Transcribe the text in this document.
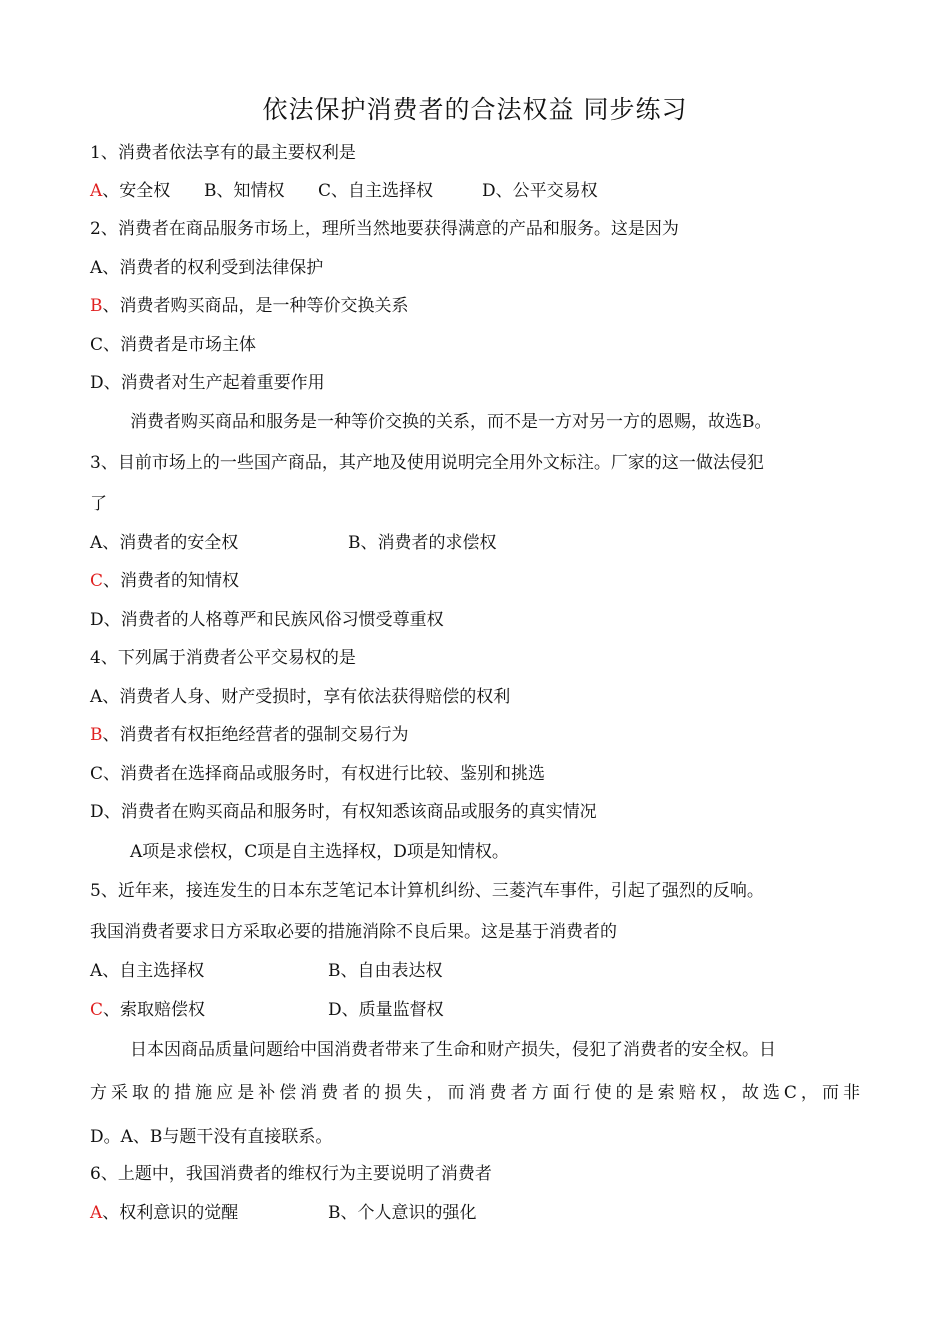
依法保护消费者的合法权益 同步练习
1、消费者依法享有的最主要权利是
A、安全权 B、知情权 C、自主选择权	D、公平交易权
2、消费者在商品服务市场上，理所当然地要获得满意的产品和服务。这是因为
A、消费者的权利受到法律保护
B、消费者购买商品，是一种等价交换关系
C、消费者是市场主体
D、消费者对生产起着重要作用
消费者购买商品和服务是一种等价交换的关系，而不是一方对另一方的恩赐，故选B。
3、目前市场上的一些国产商品，其产地及使用说明完全用外文标注。厂家的这一做法侵犯
了
A、消费者的安全权	B、消费者的求偿权
C、消费者的知情权
D、消费者的人格尊严和民族风俗习惯受尊重权
4、下列属于消费者公平交易权的是
A、消费者人身、财产受损时，享有依法获得赔偿的权利
B、消费者有权拒绝经营者的强制交易行为
C、消费者在选择商品或服务时，有权进行比较、鉴别和挑选
D、消费者在购买商品和服务时，有权知悉该商品或服务的真实情况
A项是求偿权，C项是自主选择权，D项是知情权。
5、近年来，接连发生的日本东芝笔记本计算机纠纷、三菱汽车事件，引起了强烈的反响。
我国消费者要求日方采取必要的措施消除不良后果。这是基于消费者的
A、自主选择权	B、自由表达权
C、索取赔偿权	D、质量监督权
日本因商品质量问题给中国消费者带来了生命和财产损失，侵犯了消费者的安全权。日
方采取的措施应是补偿消费者的损失，而消费者方面行使的是索赔权，故选C，而非
D。A、B与题干没有直接联系。
6、上题中，我国消费者的维权行为主要说明了消费者
A、权利意识的觉醒	B、个人意识的强化
